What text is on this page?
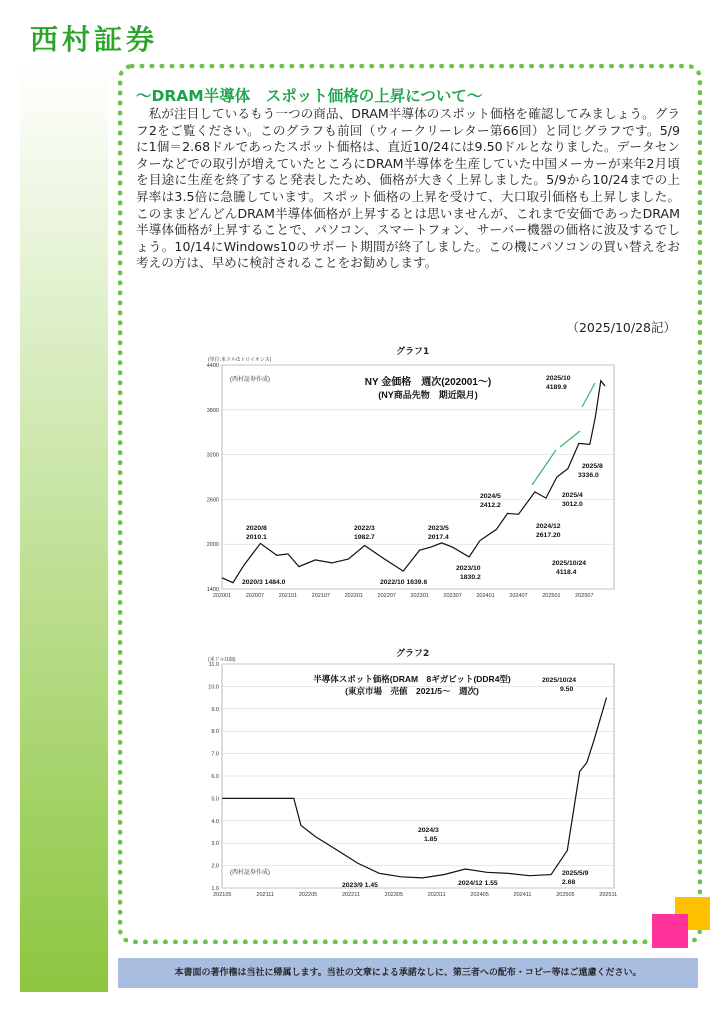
西村証券
～DRAM半導体　スポット価格の上昇について～
　私が注目しているもう一つの商品、DRAM半導体のスポット価格を確認してみましょう。グラフ2をご覧ください。このグラフも前回（ウィークリーレター第66回）と同じグラフです。5/9に1個＝2.68ドルであったスポット価格は、直近10/24には9.50ドルとなりました。データセンターなどでの取引が増えていたところにDRAM半導体を生産していた中国メーカーが来年2月頃を目途に生産を終了すると発表したため、価格が大きく上昇しました。5/9から10/24までの上昇率は3.5倍に急騰しています。スポット価格の上昇を受けて、大口取引価格も上昇しました。このままどんどんDRAM半導体価格が上昇するとは思いませんが、これまで安価であったDRAM半導体価格が上昇することで、パソコン、スマートフォン、サーバー機器の価格に波及するでしょう。10/14にWindows10のサポート期間が終了しました。この機にパソコンの買い替えをお考えの方は、早めに検討されることをお勧めします。
（2025/10/28記）
グラフ1
(単位:米ドル/1トロイオンス)
(西村証券作成)	NY 金価格　週次(202001～)
(NY商品先物　期近限月)
1400
2000
2600
3200
3800
4400
202001	202007	202101	202107	202201	202207	202301	202307	202401	202407	202501	202507
2020/8
2010.1
2022/3
1982.7
2023/5
2017.4
2024/5
2412.2
2025/10
4189.9
2025/8
3336.0
2025/4
3012.0
2024/12
2617.20
2023/10
1830.2
2025/10/24
4118.4
2020/3 1484.0	2022/10 1639.6
グラフ2
(米ドル/1個)
(西村証券作成)
半導体スポット価格(DRAM　8ギガビット(DDR4型)
(東京市場　売値　2021/5～　週次)
1.0
2.0
3.0
4.0
5.0
6.0
7.0
8.0
9.0
10.0
11.0
202105	202111	202205	202211	202305	202311	202405	202411	202505	202511
2025/10/24
9.50
2024/3
1.85
2023/9 1.45	2024/12 1.55
2025/5/9
2.68
本書面の著作権は当社に帰属します。当社の文章による承諾なしに、第三者への配布・コピー等はご遠慮ください。
